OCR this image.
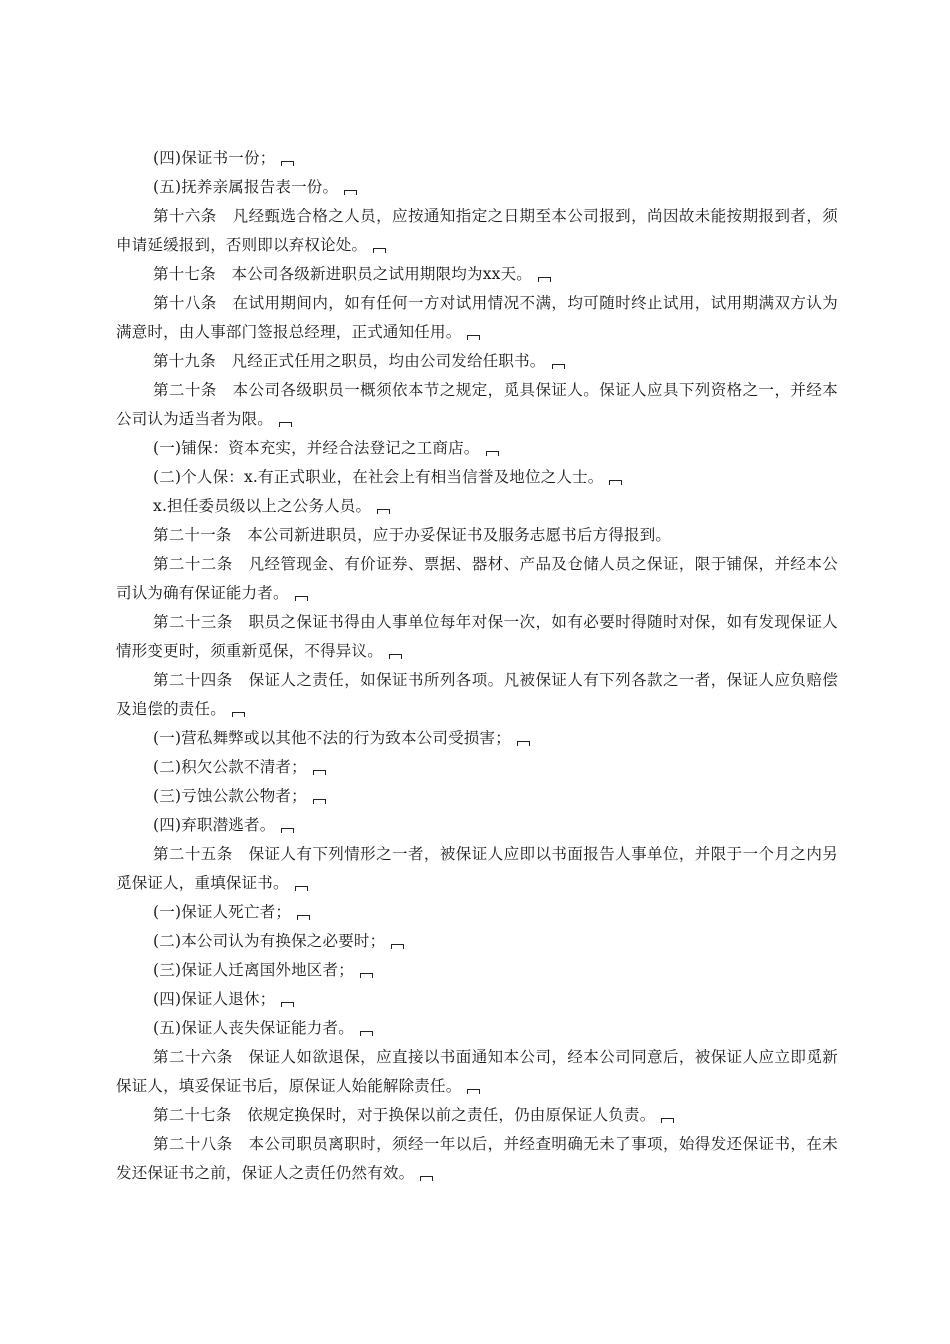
(四)保证书一份；

(五)抚养亲属报告表一份。

第十六条　凡经甄选合格之人员，应按通知指定之日期至本公司报到，尚因故未能按期报到者，须申请延缓报到，否则即以弃权论处。

第十七条　本公司各级新进职员之试用期限均为xx天。

第十八条　在试用期间内，如有任何一方对试用情况不满，均可随时终止试用，试用期满双方认为满意时，由人事部门签报总经理，正式通知任用。

第十九条　凡经正式任用之职员，均由公司发给任职书。

第二十条　本公司各级职员一概须依本节之规定，觅具保证人。保证人应具下列资格之一，并经本公司认为适当者为限。

(一)铺保：资本充实，并经合法登记之工商店。

(二)个人保：x.有正式职业，在社会上有相当信誉及地位之人士。

x.担任委员级以上之公务人员。

第二十一条　本公司新进职员，应于办妥保证书及服务志愿书后方得报到。

第二十二条　凡经管现金、有价证券、票据、器材、产品及仓储人员之保证，限于铺保，并经本公司认为确有保证能力者。

第二十三条　职员之保证书得由人事单位每年对保一次，如有必要时得随时对保，如有发现保证人情形变更时，须重新觅保，不得异议。

第二十四条　保证人之责任，如保证书所列各项。凡被保证人有下列各款之一者，保证人应负赔偿及追偿的责任。

(一)营私舞弊或以其他不法的行为致本公司受损害；

(二)积欠公款不清者；

(三)亏蚀公款公物者；

(四)弃职潜逃者。

第二十五条　保证人有下列情形之一者，被保证人应即以书面报告人事单位，并限于一个月之内另觅保证人，重填保证书。

(一)保证人死亡者；

(二)本公司认为有换保之必要时；

(三)保证人迁离国外地区者；

(四)保证人退休；

(五)保证人丧失保证能力者。

第二十六条　保证人如欲退保，应直接以书面通知本公司，经本公司同意后，被保证人应立即觅新保证人，填妥保证书后，原保证人始能解除责任。

第二十七条　依规定换保时，对于换保以前之责任，仍由原保证人负责。

第二十八条　本公司职员离职时，须经一年以后，并经查明确无未了事项，始得发还保证书，在未发还保证书之前，保证人之责任仍然有效。
